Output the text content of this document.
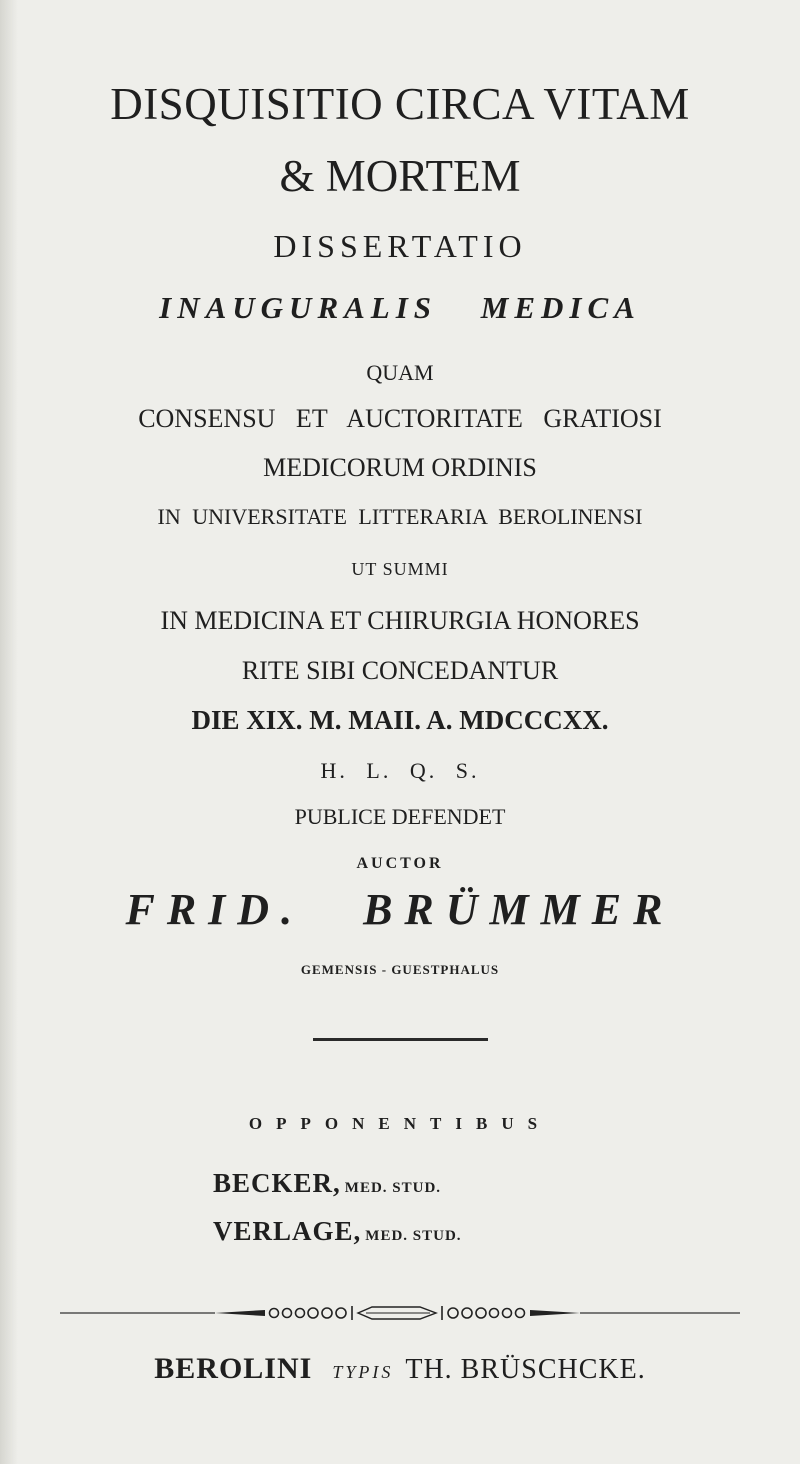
DISQUISITIO CIRCA VITAM
& MORTEM
DISSERTATIO
INAUGURALIS MEDICA
QUAM
CONSENSU ET AUCTORITATE GRATIOSI
MEDICORUM ORDINIS
IN UNIVERSITATE LITTERARIA BEROLINENSI
UT SUMMI
IN MEDICINA ET CHIRURGIA HONORES
RITE SIBI CONCEDANTUR
DIE XIX. M. MAII. A. MDCCCXX.
H. L. Q. S.
PUBLICE DEFENDET
AUCTOR
FRID. BRÜMMER
GEMENSIS - GUESTPHALUS
OPPONENTIBUS
BECKER, MED. STUD.
VERLAGE, MED. STUD.
BEROLINI TYPIS TH. BRÜSCHCKE.
